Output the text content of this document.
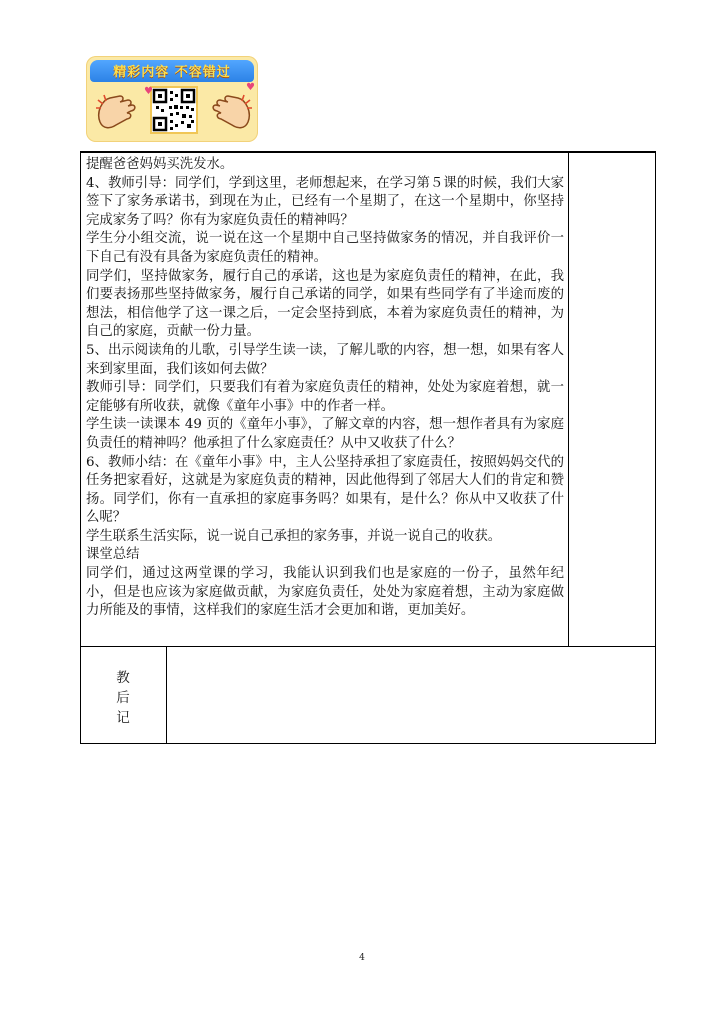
精彩内容 不容错过
♥	♥

提醒爸爸妈妈买洗发水。

4、教师引导：同学们，学到这里，老师想起来，在学习第５课的时候，我们大家签下了家务承诺书，到现在为止，已经有一个星期了，在这一个星期中，你坚持完成家务了吗？你有为家庭负责任的精神吗？

学生分小组交流，说一说在这一个星期中自己坚持做家务的情况，并自我评价一下自己有没有具备为家庭负责任的精神。

同学们，坚持做家务，履行自己的承诺，这也是为家庭负责任的精神，在此，我们要表扬那些坚持做家务，履行自己承诺的同学，如果有些同学有了半途而废的想法，相信他学了这一课之后，一定会坚持到底，本着为家庭负责任的精神，为自己的家庭，贡献一份力量。

5、出示阅读角的儿歌，引导学生读一读，了解儿歌的内容，想一想，如果有客人来到家里面，我们该如何去做？

教师引导：同学们，只要我们有着为家庭负责任的精神，处处为家庭着想，就一定能够有所收获，就像《童年小事》中的作者一样。

学生读一读课本 49 页的《童年小事》，了解文章的内容，想一想作者具有为家庭负责任的精神吗？他承担了什么家庭责任？从中又收获了什么？

6、教师小结：在《童年小事》中，主人公坚持承担了家庭责任，按照妈妈交代的任务把家看好，这就是为家庭负责的精神，因此他得到了邻居大人们的肯定和赞扬。同学们，你有一直承担的家庭事务吗？如果有，是什么？你从中又收获了什么呢？

学生联系生活实际，说一说自己承担的家务事，并说一说自己的收获。

课堂总结

同学们，通过这两堂课的学习，我能认识到我们也是家庭的一份子，虽然年纪小，但是也应该为家庭做贡献，为家庭负责任，处处为家庭着想，主动为家庭做力所能及的事情，这样我们的家庭生活才会更加和谐，更加美好。

教
后
记
4
